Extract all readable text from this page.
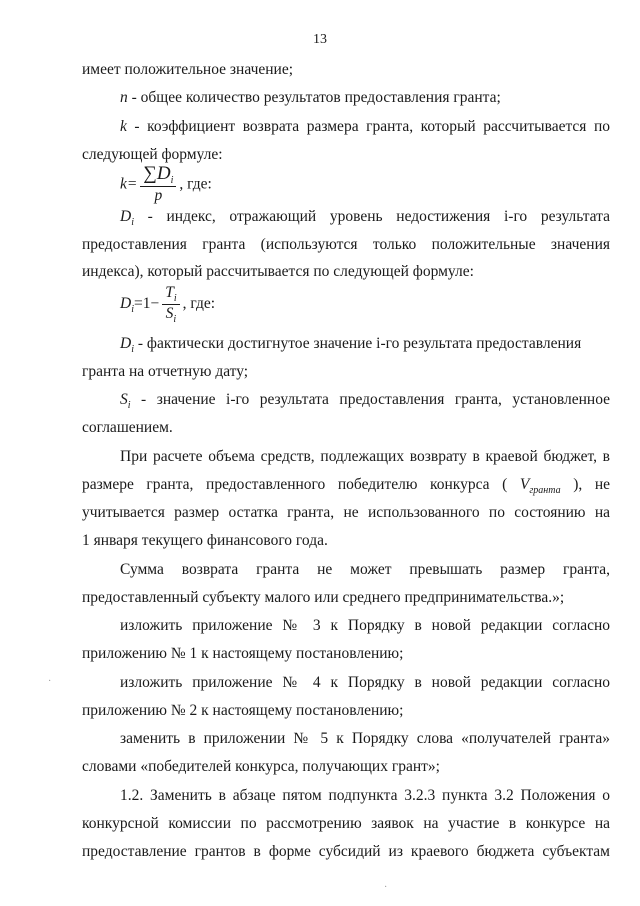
13
имеет положительное значение;
n - общее количество результатов предоставления гранта;
k - коэффициент возврата размера гранта, который рассчитывается по
следующей формуле:
$k= \frac{\sum D_i}{p}$ , где:
$D_i$ - индекс, отражающий уровень недостижения i-го результата
предоставления гранта (используются только положительные значения
индекса), который рассчитывается по следующей формуле:
$D_i=1- \frac{T_i}{S_i}$ , где:
$D_i$ - фактически достигнутое значение i-го результата предоставления
гранта на отчетную дату;
$S_i$ - значение i-го результата предоставления гранта, установленное
соглашением.
При расчете объема средств, подлежащих возврату в краевой бюджет, в
размере гранта, предоставленного победителю конкурса ( $V_{гранта}$ ), не
учитывается размер остатка гранта, не использованного по состоянию на
1 января текущего финансового года.
Сумма возврата гранта не может превышать размер гранта,
предоставленный субъекту малого или среднего предпринимательства.»;
изложить приложение № 3 к Порядку в новой редакции согласно
приложению № 1 к настоящему постановлению;
изложить приложение № 4 к Порядку в новой редакции согласно
приложению № 2 к настоящему постановлению;
заменить в приложении № 5 к Порядку слова «получателей гранта»
словами «победителей конкурса, получающих грант»;
1.2. Заменить в абзаце пятом подпункта 3.2.3 пункта 3.2 Положения о
конкурсной комиссии по рассмотрению заявок на участие в конкурсе на
предоставление грантов в форме субсидий из краевого бюджета субъектам
·
·
